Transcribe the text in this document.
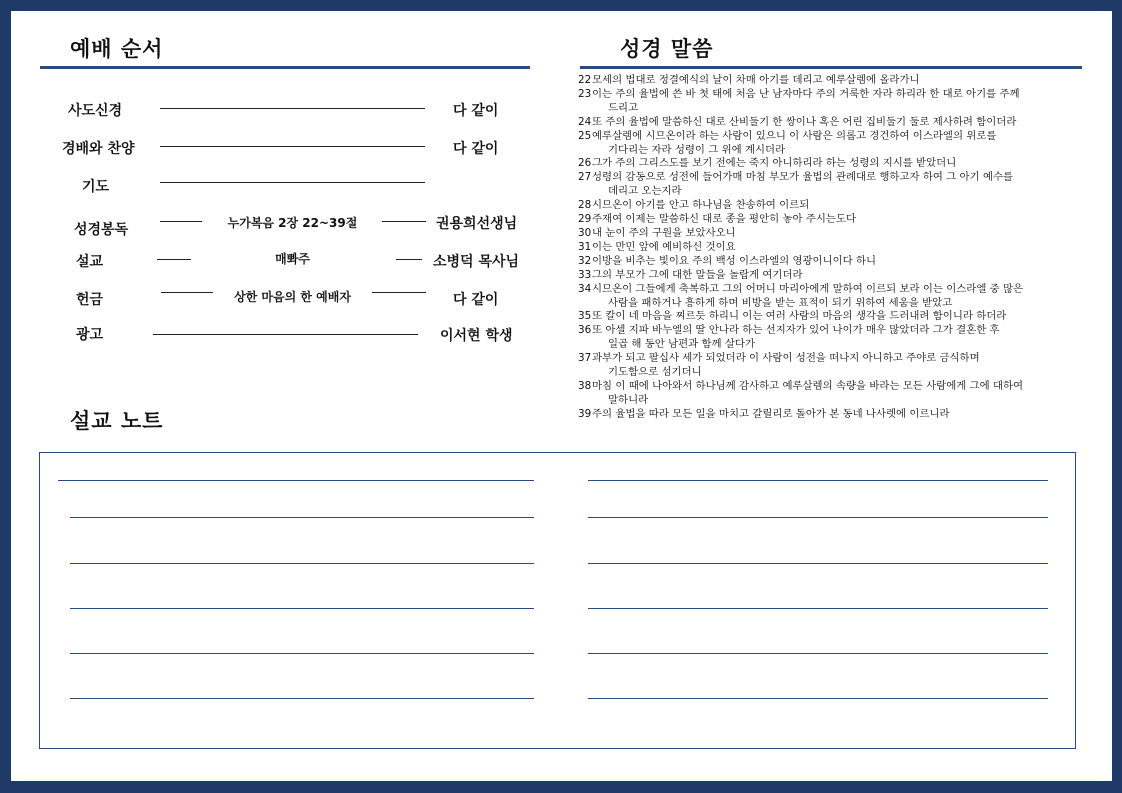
예배 순서
사도신경	다 같이
경배와 찬양	다 같이
기도
성경봉독	누가복음 2장 22~39절	권용희선생님
설교	매뽜주	소병덕 목사님
헌금	상한 마음의 한 예배자	다 같이
광고	이서현 학생
성경 말씀
22 모세의 법대로 정결예식의 날이 차매 아기를 데리고 예루살렘에 올라가니
23 이는 주의 율법에 쓴 바 첫 태에 처음 난 남자마다 주의 거룩한 자라 하리라 한 대로 아기를 주께
드리고
24 또 주의 율법에 말씀하신 대로 산비둘기 한 쌍이나 혹은 어린 집비둘기 둘로 제사하려 함이더라
25 예루살렘에 시므온이라 하는 사람이 있으니 이 사람은 의롭고 경건하여 이스라엘의 위로를
기다리는 자라 성령이 그 위에 계시더라
26 그가 주의 그리스도를 보기 전에는 죽지 아니하리라 하는 성령의 지시를 받았더니
27 성령의 감동으로 성전에 들어가매 마침 부모가 율법의 관례대로 행하고자 하여 그 아기 예수를
데리고 오는지라
28 시므온이 아기를 안고 하나님을 찬송하여 이르되
29 주재여 이제는 말씀하신 대로 종을 평안히 놓아 주시는도다
30 내 눈이 주의 구원을 보았사오니
31 이는 만민 앞에 예비하신 것이요
32 이방을 비추는 빛이요 주의 백성 이스라엘의 영광이니이다 하니
33 그의 부모가 그에 대한 말들을 놀랍게 여기더라
34 시므온이 그들에게 축복하고 그의 어머니 마리아에게 말하여 이르되 보라 이는 이스라엘 중 많은
사람을 패하거나 흥하게 하며 비방을 받는 표적이 되기 위하여 세움을 받았고
35 또 칼이 네 마음을 찌르듯 하리니 이는 여러 사람의 마음의 생각을 드러내려 함이니라 하더라
36 또 아셀 지파 바누엘의 딸 안나라 하는 선지자가 있어 나이가 매우 많았더라 그가 결혼한 후
일곱 해 동안 남편과 함께 살다가
37 과부가 되고 팔십사 세가 되었더라 이 사람이 성전을 떠나지 아니하고 주야로 금식하며
기도함으로 섬기더니
38 마침 이 때에 나아와서 하나님께 감사하고 예루살렘의 속량을 바라는 모든 사람에게 그에 대하여
말하니라
39 주의 율법을 따라 모든 일을 마치고 갈릴리로 돌아가 본 동네 나사렛에 이르니라
설교 노트
